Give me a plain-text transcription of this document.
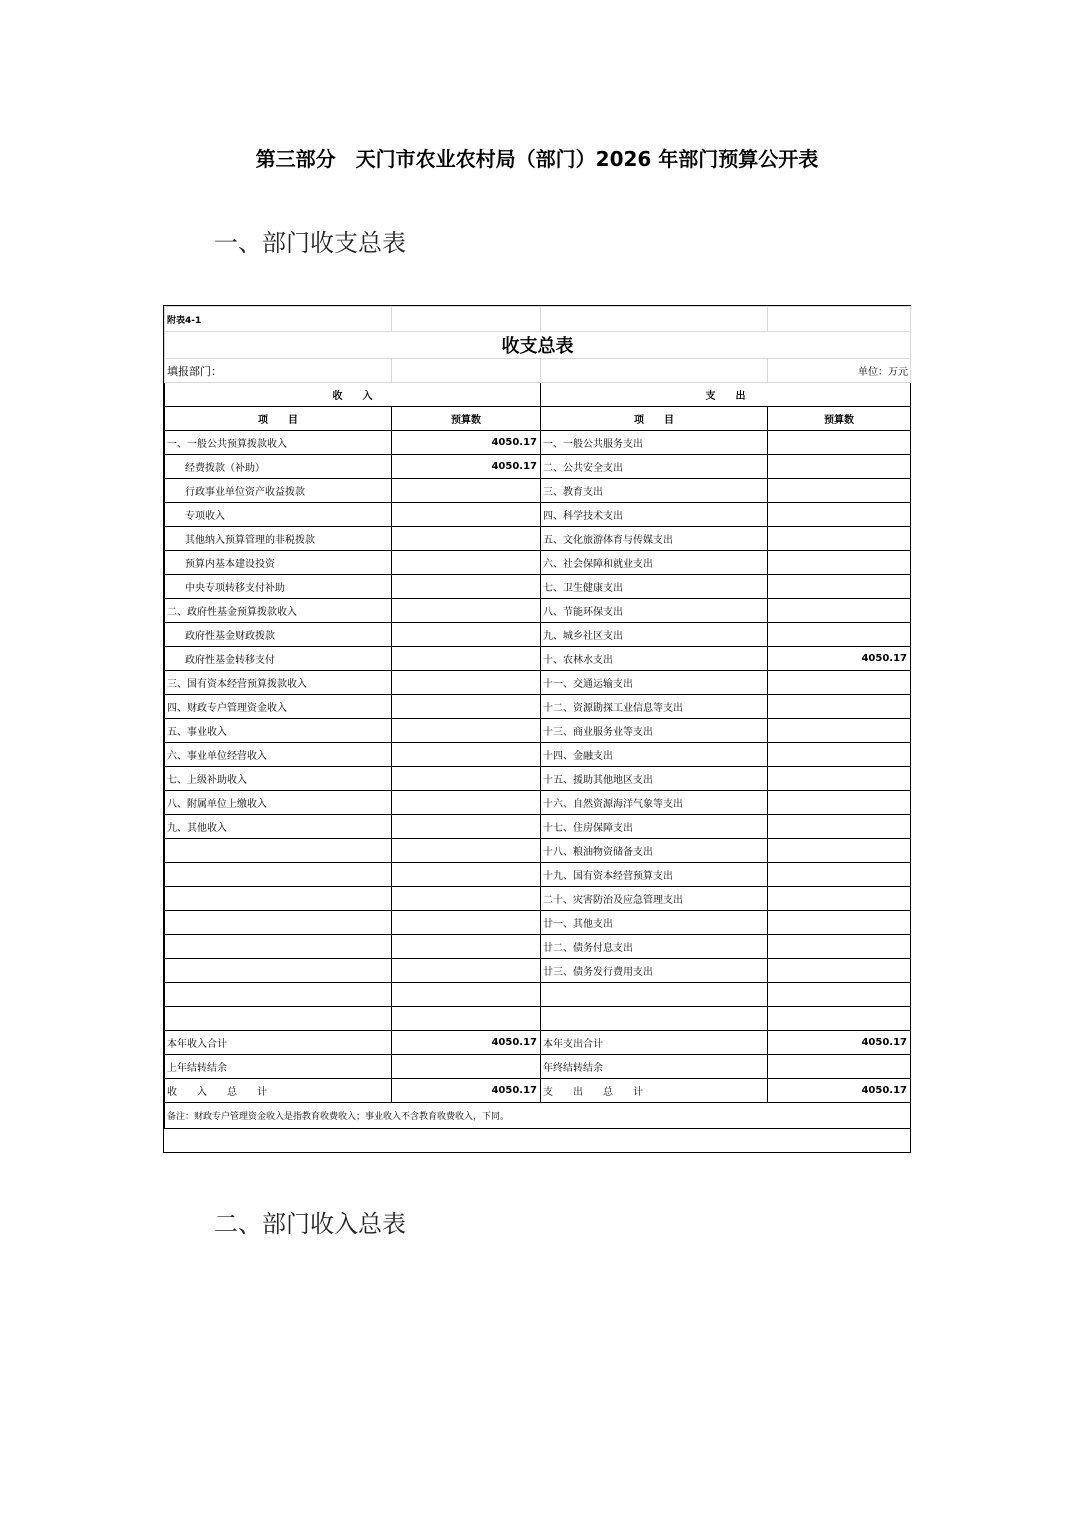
第三部分　天门市农业农村局（部门）2026 年部门预算公开表
一、部门收支总表
附表4-1			
收支总表			
填报部门：			单位：万元
收　　入		支　　出	
项　　目	预算数	项　　目	预算数
一、一般公共预算拨款收入	4050.17	一、一般公共服务支出	
经费拨款（补助）	4050.17	二、公共安全支出	
行政事业单位资产收益拨款		三、教育支出	
专项收入		四、科学技术支出	
其他纳入预算管理的非税拨款		五、文化旅游体育与传媒支出	
预算内基本建设投资		六、社会保障和就业支出	
中央专项转移支付补助		七、卫生健康支出	
二、政府性基金预算拨款收入		八、节能环保支出	
政府性基金财政拨款		九、城乡社区支出	
政府性基金转移支付		十、农林水支出	4050.17
三、国有资本经营预算拨款收入		十一、交通运输支出	
四、财政专户管理资金收入		十二、资源勘探工业信息等支出	
五、事业收入		十三、商业服务业等支出	
六、事业单位经营收入		十四、金融支出	
七、上级补助收入		十五、援助其他地区支出	
八、附属单位上缴收入		十六、自然资源海洋气象等支出	
九、其他收入		十七、住房保障支出	
		十八、粮油物资储备支出	
		十九、国有资本经营预算支出	
		二十、灾害防治及应急管理支出	
		廿一、其他支出	
		廿二、债务付息支出	
		廿三、债务发行费用支出	

本年收入合计	4050.17	本年支出合计	4050.17
上年结转结余		年终结转结余	
收　　入　　总　　计	4050.17	支　　出　　总　　计	4050.17
备注：财政专户管理资金收入是指教育收费收入；事业收入不含教育收费收入，下同。			
二、部门收入总表
